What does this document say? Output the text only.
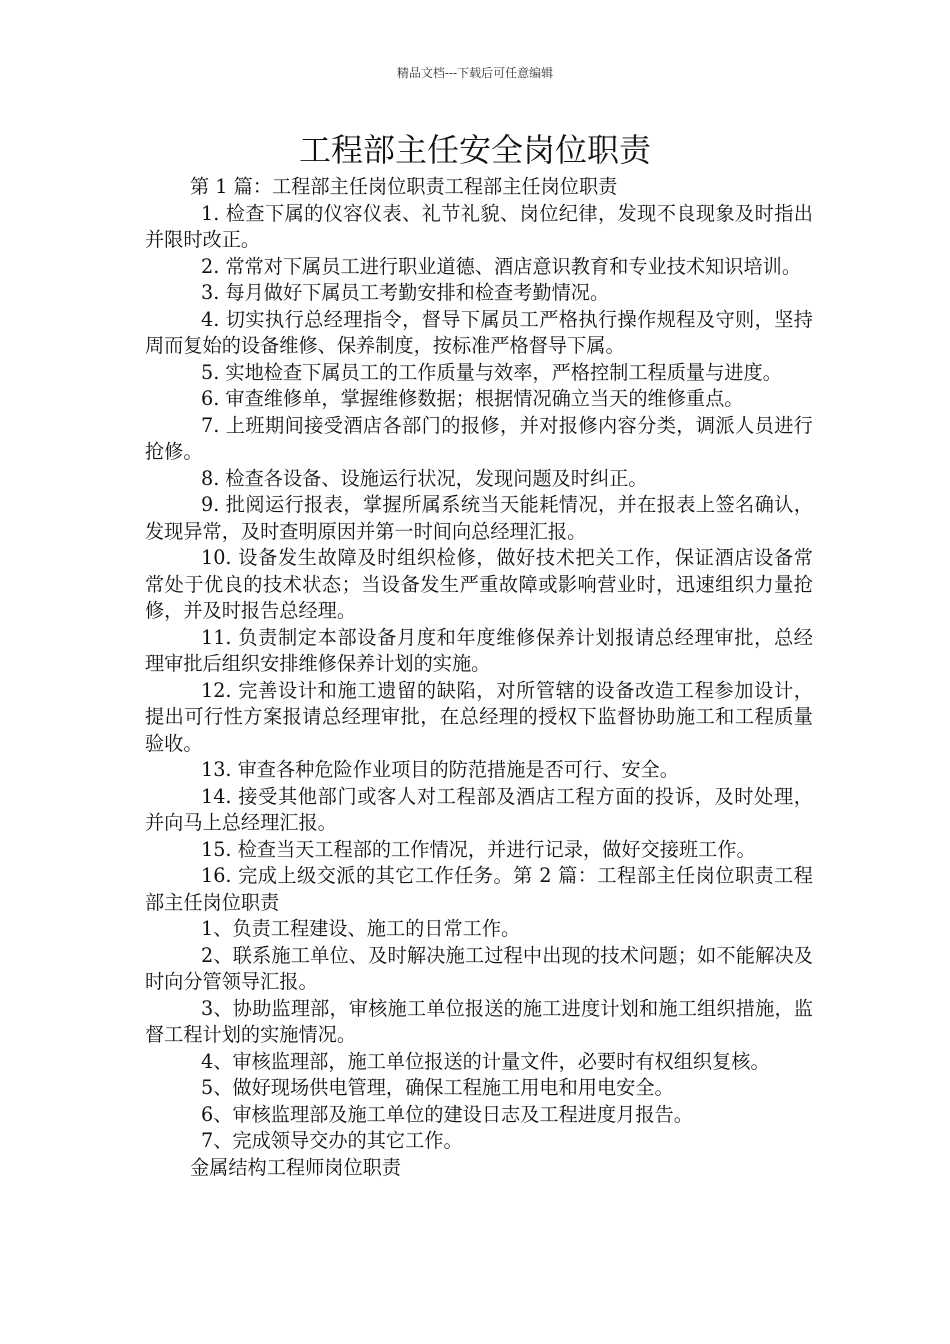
精品文档---下载后可任意编辑
工程部主任安全岗位职责

第 1 篇：工程部主任岗位职责工程部主任岗位职责

1. 检查下属的仪容仪表、礼节礼貌、岗位纪律，发现不良现象及时指出并限时改正。

2. 常常对下属员工进行职业道德、酒店意识教育和专业技术知识培训。

3. 每月做好下属员工考勤安排和检查考勤情况。

4. 切实执行总经理指令，督导下属员工严格执行操作规程及守则，坚持周而复始的设备维修、保养制度，按标准严格督导下属。

5. 实地检查下属员工的工作质量与效率，严格控制工程质量与进度。

6. 审查维修单，掌握维修数据；根据情况确立当天的维修重点。

7. 上班期间接受酒店各部门的报修，并对报修内容分类，调派人员进行抢修。

8. 检查各设备、设施运行状况，发现问题及时纠正。

9. 批阅运行报表，掌握所属系统当天能耗情况，并在报表上签名确认，发现异常，及时查明原因并第一时间向总经理汇报。

10. 设备发生故障及时组织检修，做好技术把关工作，保证酒店设备常常处于优良的技术状态；当设备发生严重故障或影响营业时，迅速组织力量抢修，并及时报告总经理。

11. 负责制定本部设备月度和年度维修保养计划报请总经理审批，总经理审批后组织安排维修保养计划的实施。

12. 完善设计和施工遗留的缺陷，对所管辖的设备改造工程参加设计，提出可行性方案报请总经理审批，在总经理的授权下监督协助施工和工程质量验收。

13. 审查各种危险作业项目的防范措施是否可行、安全。

14. 接受其他部门或客人对工程部及酒店工程方面的投诉，及时处理，并向马上总经理汇报。

15. 检查当天工程部的工作情况，并进行记录，做好交接班工作。

16. 完成上级交派的其它工作任务。第 2 篇：工程部主任岗位职责工程部主任岗位职责

1、负责工程建设、施工的日常工作。

2、联系施工单位、及时解决施工过程中出现的技术问题；如不能解决及时向分管领导汇报。

3、协助监理部，审核施工单位报送的施工进度计划和施工组织措施，监督工程计划的实施情况。

4、审核监理部，施工单位报送的计量文件，必要时有权组织复核。

5、做好现场供电管理，确保工程施工用电和用电安全。

6、审核监理部及施工单位的建设日志及工程进度月报告。

7、完成领导交办的其它工作。

金属结构工程师岗位职责
